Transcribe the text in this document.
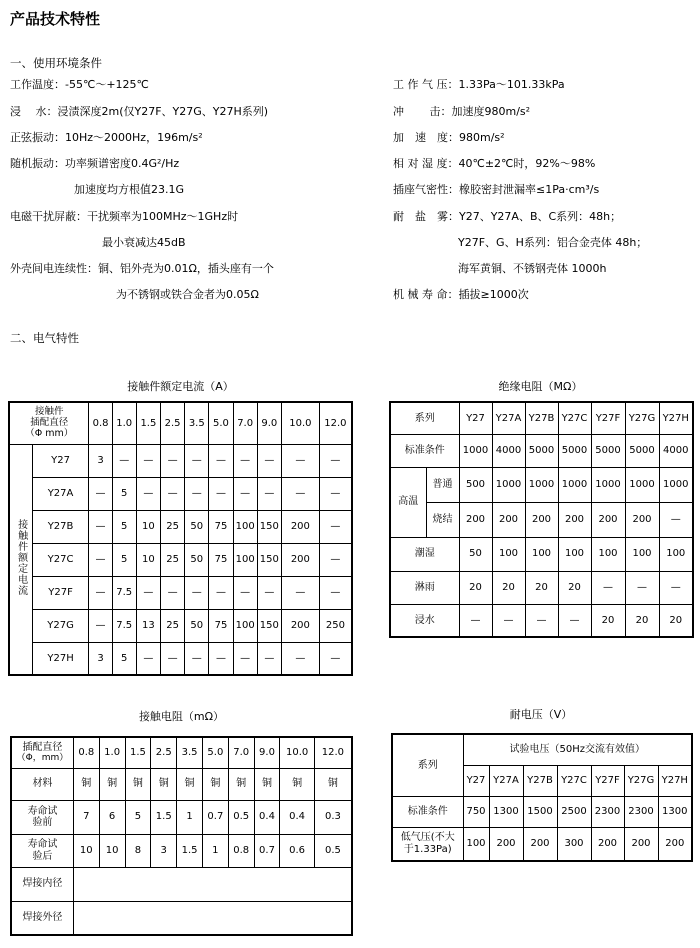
产品技术特性
一、使用环境条件
工作温度：-55℃～+125℃
浸　 水：浸渍深度2m(仅Y27F、Y27G、Y27H系列)
正弦振动：10Hz～2000Hz，196m/s²
随机振动：功率频谱密度0.4G²/Hz
加速度均方根值23.1G
电磁干扰屏蔽：干扰频率为100MHz～1GHz时
最小衰减达45dB
外壳间电连续性：铜、铝外壳为0.01Ω，插头座有一个
为不锈钢或铁合金者为0.05Ω
工 作 气 压：1.33Pa～101.33kPa
冲　　 击：加速度980m/s²
加　速　度：980m/s²
相 对 湿 度：40℃±2℃时，92%～98%
插座气密性：橡胶密封泄漏率≤1Pa·cm³/s
耐　盐　雾：Y27、Y27A、B、C系列：48h；
Y27F、G、H系列：铝合金壳体 48h；
海军黄铜、不锈钢壳体 1000h
机 械 寿 命：插拔≥1000次
二、电气特性
接触件额定电流（A）
接触件
插配直径
（Φ mm）		0.8	1.0	1.5	2.5	3.5	5.0	7.0	9.0	10.0	12.0
接触件额定电流	Y27	3	—	—	—	—	—	—	—	—	—
	Y27A	—	5	—	—	—	—	—	—	—	—
	Y27B	—	5	10	25	50	75	100	150	200	—
	Y27C	—	5	10	25	50	75	100	150	200	—
	Y27F	—	7.5	—	—	—	—	—	—	—	—
	Y27G	—	7.5	13	25	50	75	100	150	200	250
	Y27H	3	5	—	—	—	—	—	—	—	—
绝缘电阻（MΩ）
系列		Y27	Y27A	Y27B	Y27C	Y27F	Y27G	Y27H
标准条件		1000	4000	5000	5000	5000	5000	4000
高温	普通	500	1000	1000	1000	1000	1000	1000
	烧结	200	200	200	200	200	200	—
潮湿		50	100	100	100	100	100	100
淋雨		20	20	20	20	—	—	—
浸水		—	—	—	—	20	20	20
接触电阻（mΩ）
插配直径
（Φ，mm）	0.8	1.0	1.5	2.5	3.5	5.0	7.0	9.0	10.0	12.0
材料	铜	铜	铜	铜	铜	铜	铜	铜	铜	铜

寿命试
验前	7	6	5	1.5	1	0.7	0.5	0.4	0.4	0.3

寿命试
验后	10	10	8	3	1.5	1	0.8	0.7	0.6	0.5
焊接内径										
焊接外径										
耐电压（V）
系列	试验电压（50Hz交流有效值）						
	Y27	Y27A	Y27B	Y27C	Y27F	Y27G	Y27H
标准条件	750	1300	1500	2500	2300	2300	1300

低气压(不大
于1.33Pa)	100	200	200	300	200	200	200
